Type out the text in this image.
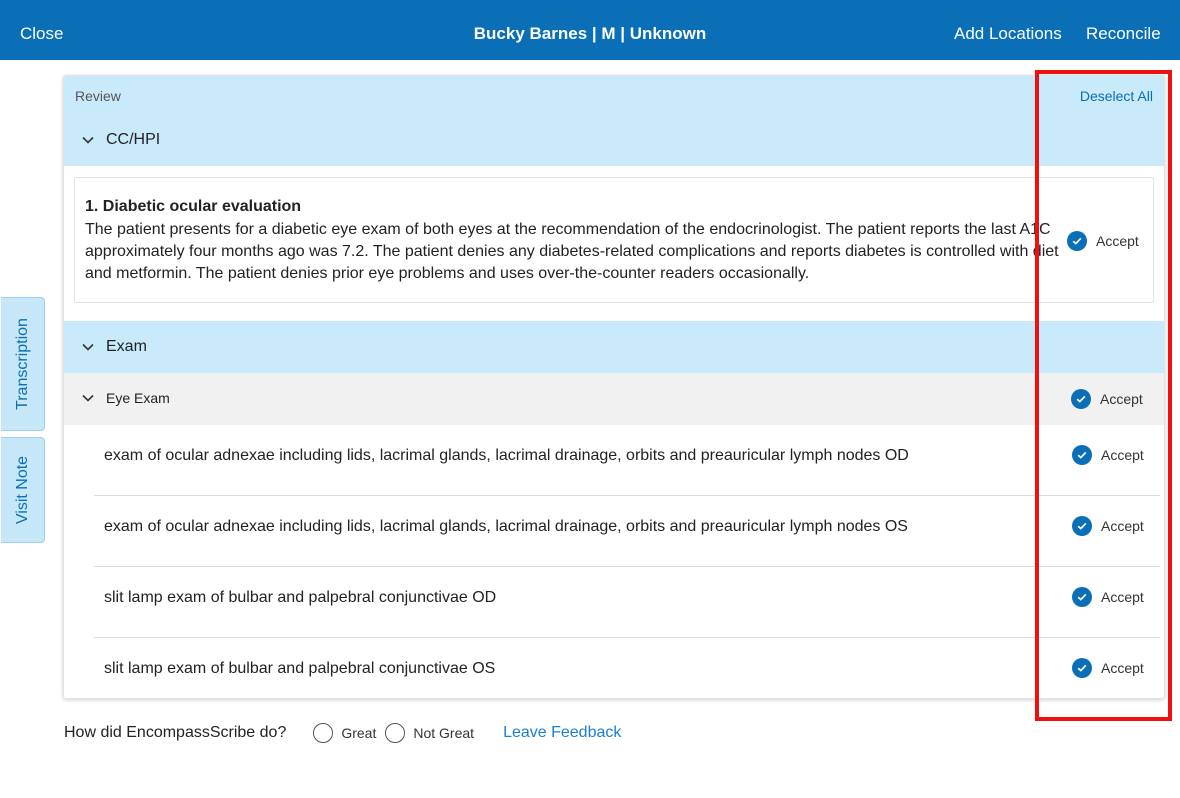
Close	Bucky Barnes | M | Unknown	Add Locations Reconcile
Transcription
Visit Note
Review	Deselect All
CC/HPI
1. Diabetic ocular evaluation
The patient presents for a diabetic eye exam of both eyes at the recommendation of the endocrinologist. The patient reports the last A1C approximately four months ago was 7.2. The patient denies any diabetes-related complications and reports diabetes is controlled with diet and metformin. The patient denies prior eye problems and uses over-the-counter readers occasionally.
Accept
Exam
Eye Exam	Accept
exam of ocular adnexae including lids, lacrimal glands, lacrimal drainage, orbits and preauricular lymph nodes OD	Accept
exam of ocular adnexae including lids, lacrimal glands, lacrimal drainage, orbits and preauricular lymph nodes OS	Accept
slit lamp exam of bulbar and palpebral conjunctivae OD	Accept
slit lamp exam of bulbar and palpebral conjunctivae OS	Accept
How did EncompassScribe do?	Great	Not Great Leave Feedback
